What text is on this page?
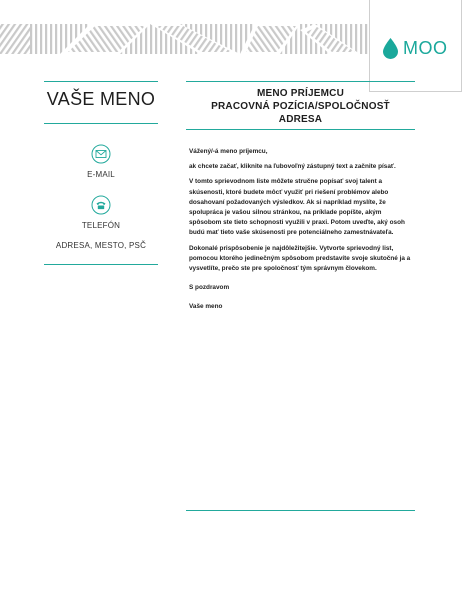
MOO
VAŠE MENO
E-MAIL
TELEFÓN
ADRESA, MESTO, PSČ
MENO PRÍJEMCU
PRACOVNÁ POZÍCIA/SPOLOČNOSŤ
ADRESA

Vážený/-á meno príjemcu,

ak chcete začať, kliknite na ľubovoľný zástupný text a začnite písať.

V tomto sprievodnom liste môžete stručne popísať svoj talent a skúsenosti, ktoré budete môcť využiť pri riešení problémov alebo dosahovaní požadovaných výsledkov. Ak si napríklad myslíte, že spolupráca je vašou silnou stránkou, na príklade popíšte, akým spôsobom ste tieto schopnosti využili v praxi. Potom uveďte, aký osoh budú mať tieto vaše skúsenosti pre potenciálneho zamestnávateľa.

Dokonalé prispôsobenie je najdôležitejšie. Vytvorte sprievodný list, pomocou ktorého jedinečným spôsobom predstavíte svoje skutočné ja a vysvetlíte, prečo ste pre spoločnosť tým správnym človekom.

S pozdravom

Vaše meno
